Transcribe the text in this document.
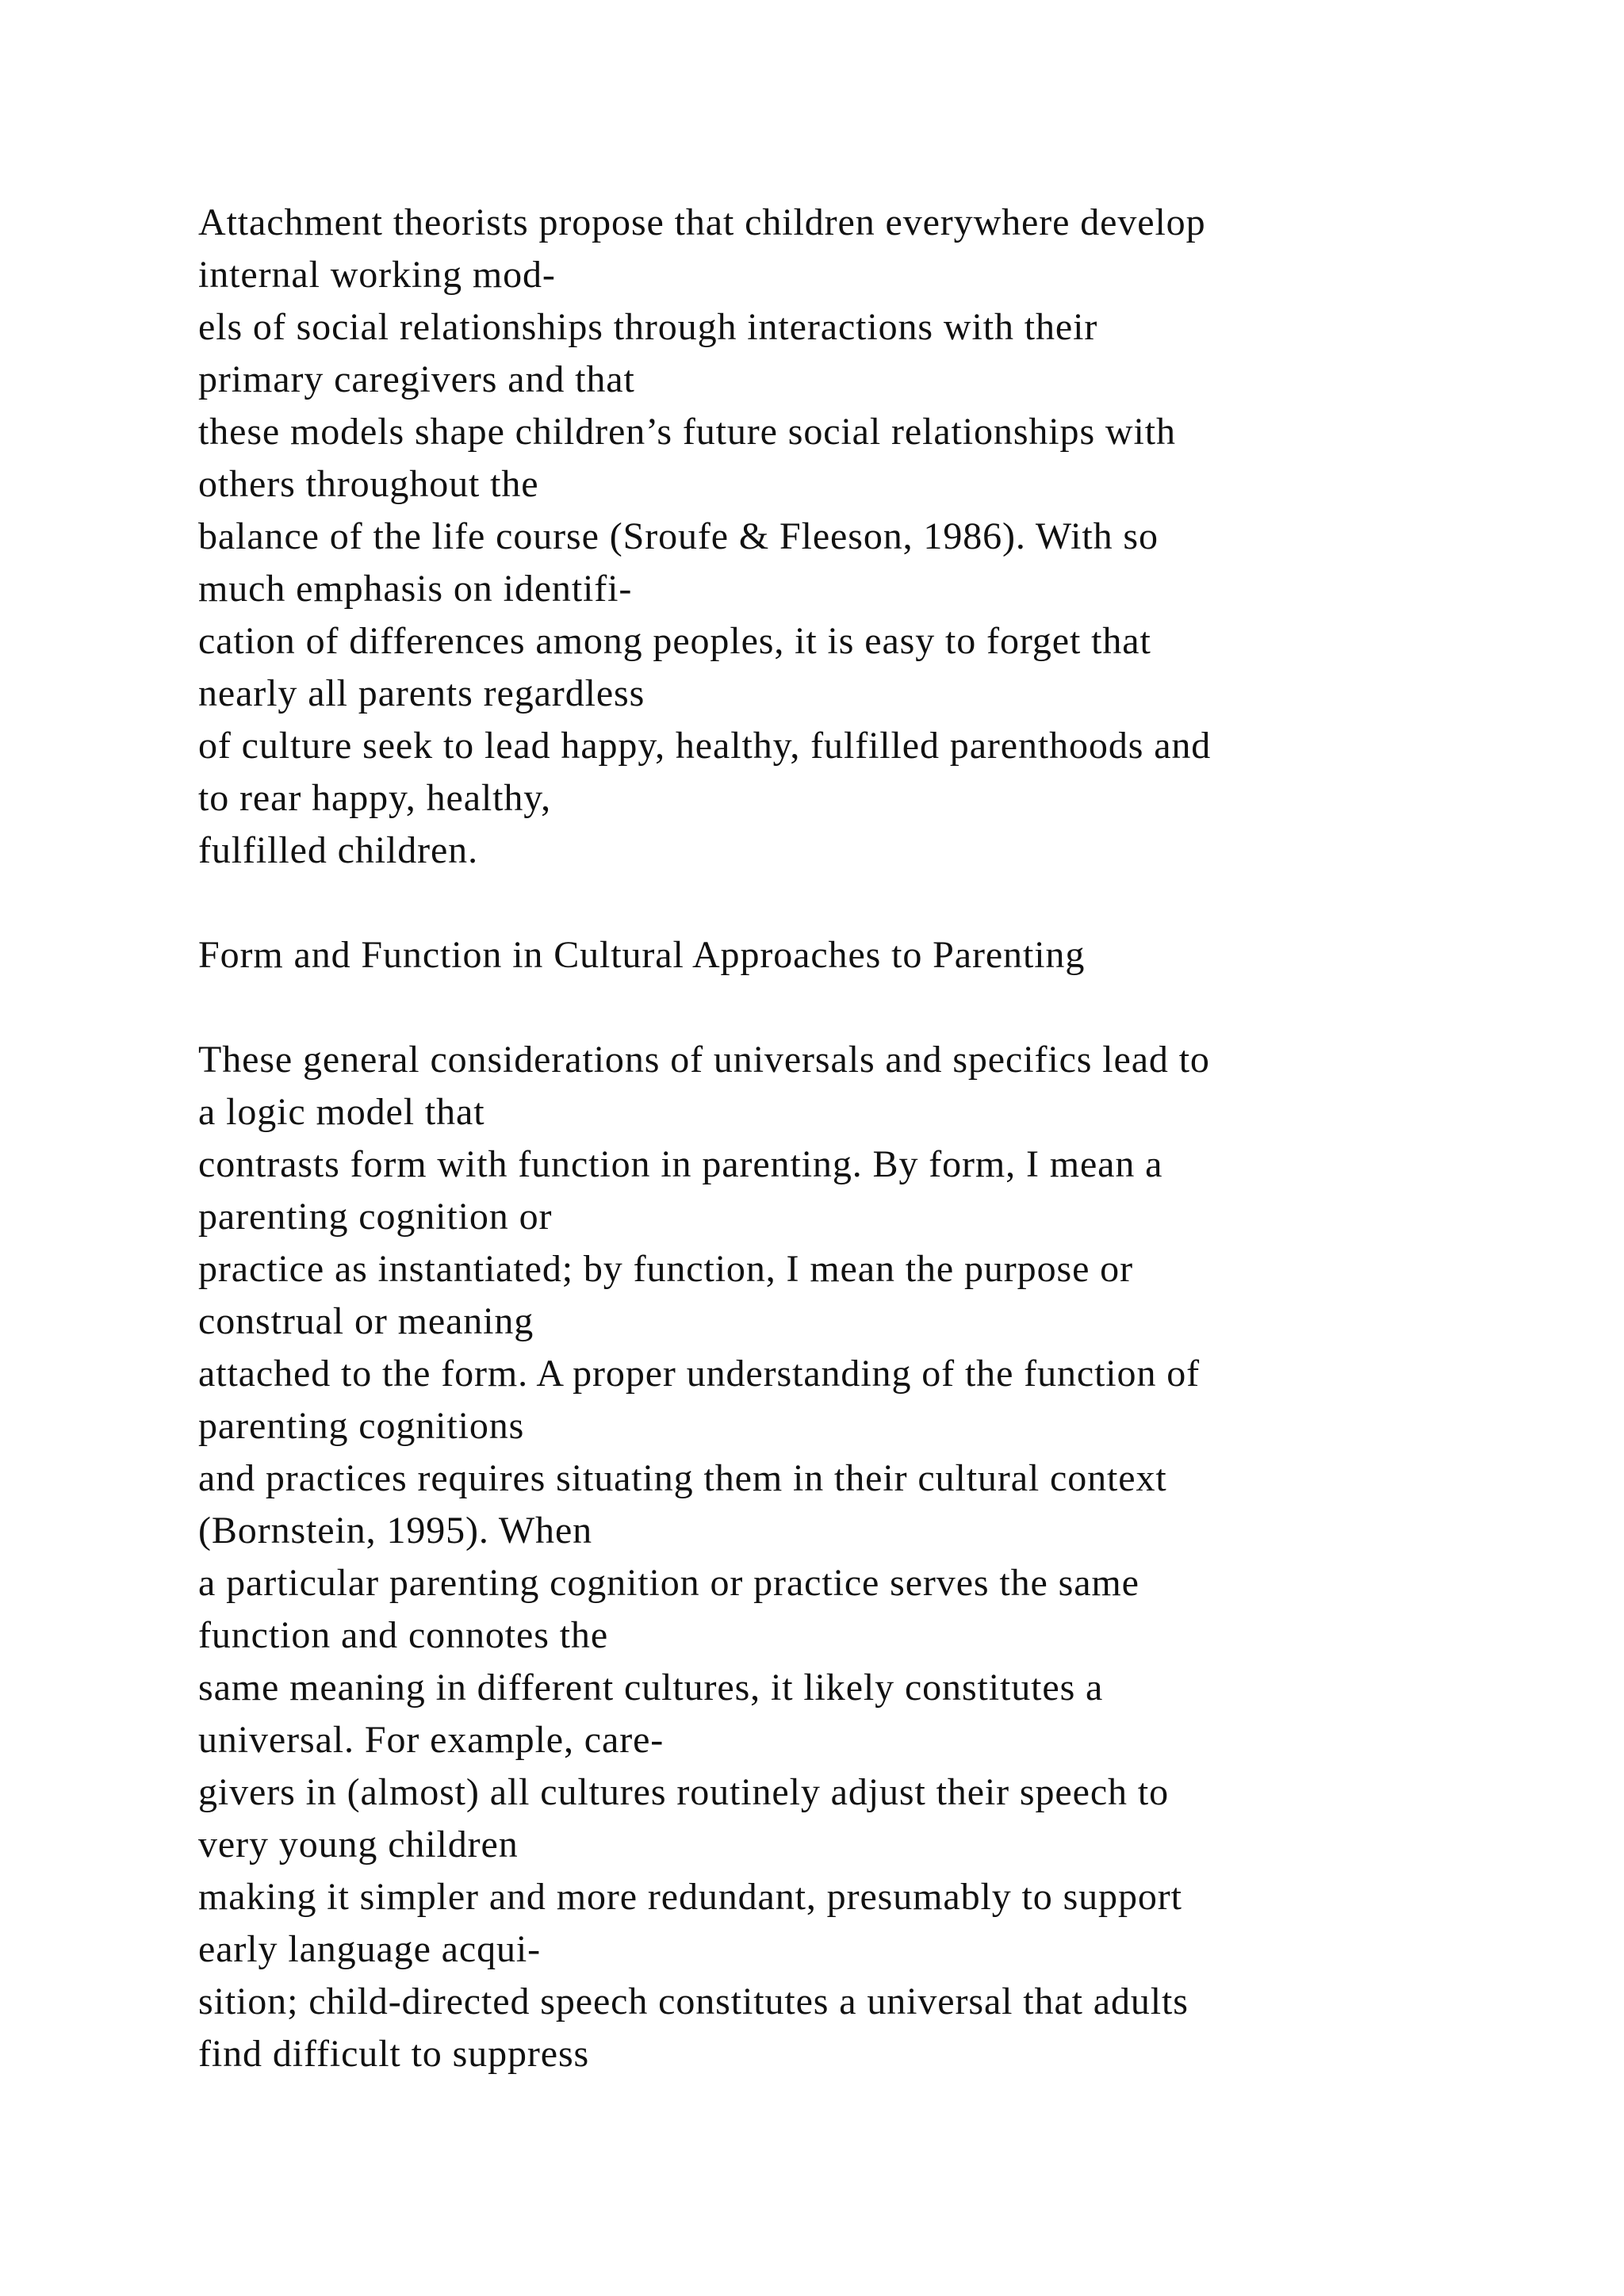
Attachment theorists propose that children everywhere develop
internal working mod-
els of social relationships through interactions with their
primary caregivers and that
these models shape children’s future social relationships with
others throughout the
balance of the life course (Sroufe & Fleeson, 1986). With so
much emphasis on identifi-
cation of differences among peoples, it is easy to forget that
nearly all parents regardless
of culture seek to lead happy, healthy, fulfilled parenthoods and
to rear happy, healthy,
fulfilled children.
Form and Function in Cultural Approaches to Parenting
These general considerations of universals and specifics lead to
a logic model that
contrasts form with function in parenting. By form, I mean a
parenting cognition or
practice as instantiated; by function, I mean the purpose or
construal or meaning
attached to the form. A proper understanding of the function of
parenting cognitions
and practices requires situating them in their cultural context
(Bornstein, 1995). When
a particular parenting cognition or practice serves the same
function and connotes the
same meaning in different cultures, it likely constitutes a
universal. For example, care-
givers in (almost) all cultures routinely adjust their speech to
very young children
making it simpler and more redundant, presumably to support
early language acqui-
sition; child-directed speech constitutes a universal that adults
find difficult to suppress
